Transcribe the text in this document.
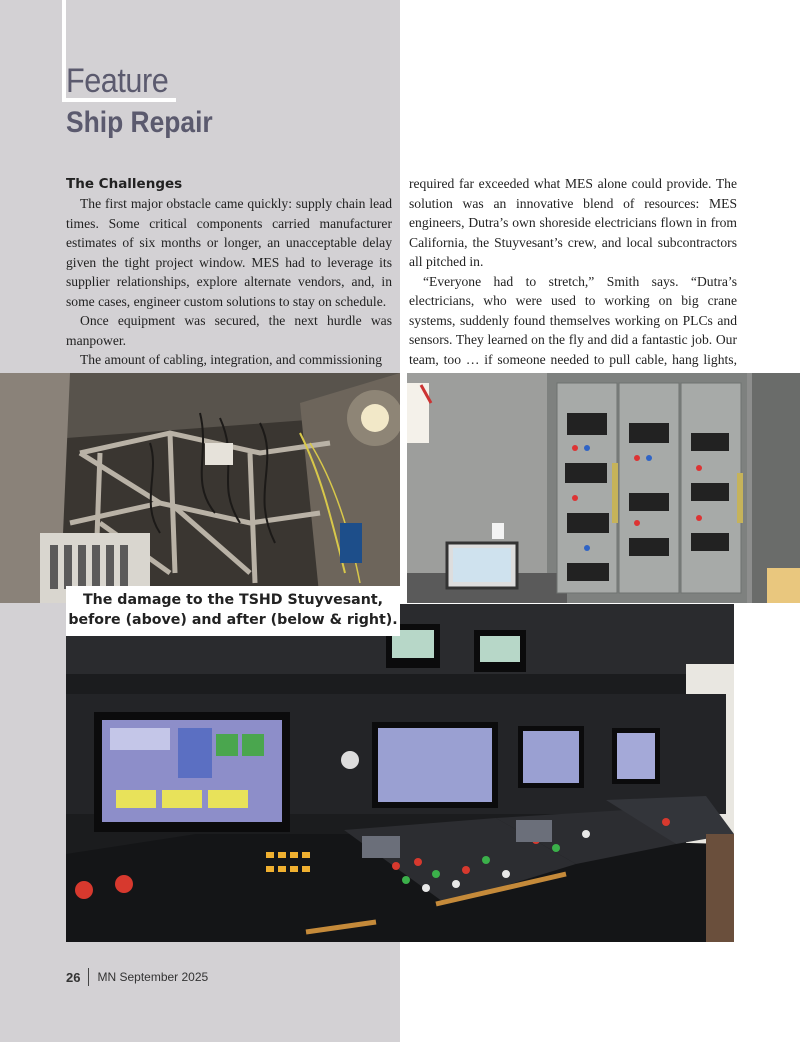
Feature
Ship Repair
The Challenges

The first major obstacle came quickly: supply chain lead times. Some critical components carried manufacturer estimates of six months or longer, an unacceptable delay given the tight project window. MES had to leverage its supplier relationships, explore alternate vendors, and, in some cases, engineer custom solutions to stay on schedule.

Once equipment was secured, the next hurdle was manpower.

The amount of cabling, integration, and commissioning

required far exceeded what MES alone could provide. The solution was an innovative blend of resources: MES engineers, Dutra’s own shoreside electricians flown in from California, the Stuyvesant’s crew, and local subcontractors all pitched in.

“Everyone had to stretch,” Smith says. “Dutra’s electricians, who were used to working on big crane systems, suddenly found themselves working on PLCs and sensors. They learned on the fly and did a fantastic job. Our team, too … if someone needed to pull cable, hang lights,

The damage to the TSHD Stuyvesant, before (above) and after (below & right).
26 MN September 2025
